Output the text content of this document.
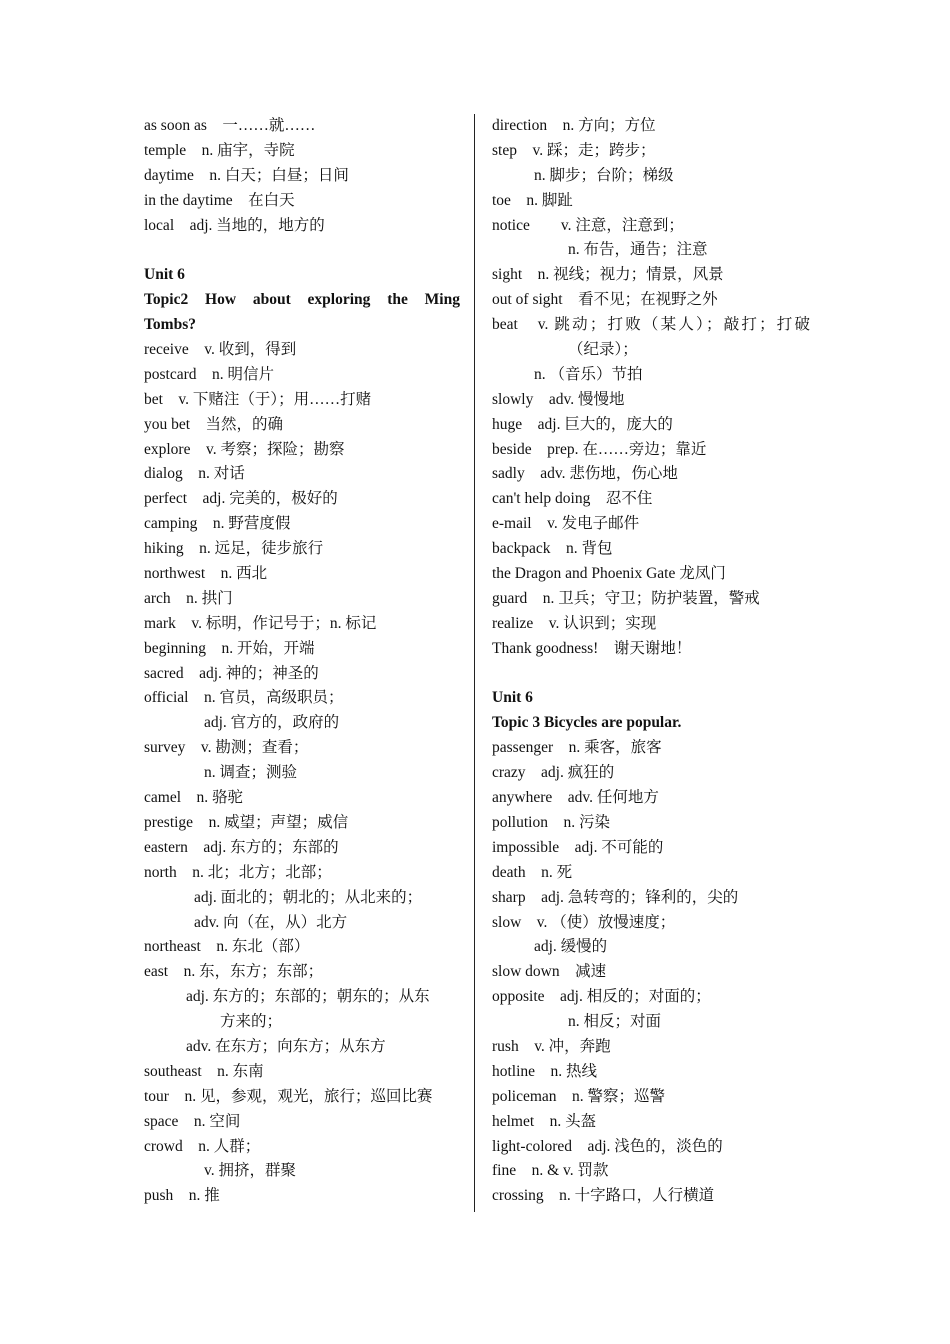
as soon as　一……就……
temple　n. 庙宇，寺院
daytime　n. 白天；白昼；日间
in the daytime　在白天
local　adj. 当地的，地方的
Unit 6
Topic2 How about exploring the Ming
Tombs?
receive　v. 收到，得到
postcard　n. 明信片
bet　v. 下赌注（于）；用……打赌
you bet　当然，的确
explore　v. 考察；探险；勘察
dialog　n. 对话
perfect　adj. 完美的，极好的
camping　n. 野营度假
hiking　n. 远足，徒步旅行
northwest　n. 西北
arch　n. 拱门
mark　v. 标明，作记号于；n. 标记
beginning　n. 开始，开端
sacred　adj. 神的；神圣的
official　n. 官员，高级职员；
adj. 官方的，政府的
survey　v. 勘测；查看；
n. 调查；测验
camel　n. 骆驼
prestige　n. 威望；声望；威信
eastern　adj. 东方的；东部的
north　n. 北；北方；北部；
adj. 面北的；朝北的；从北来的；
adv. 向（在，从）北方
northeast　n. 东北（部）
east　n. 东，东方；东部；
adj. 东方的；东部的；朝东的；从东
方来的；
adv. 在东方；向东方；从东方
southeast　n. 东南
tour　n. 见，参观，观光，旅行；巡回比赛
space　n. 空间
crowd　n. 人群；
v. 拥挤，群聚
push　n. 推
direction　n. 方向；方位
step　v. 踩；走；跨步；
n. 脚步；台阶；梯级
toe　n. 脚趾
notice　　v. 注意，注意到；
n. 布告，通告；注意
sight　n. 视线；视力；情景，风景
out of sight　看不见；在视野之外
beat　v. 跳动；打败（某人）；敲打；打破
（纪录）；
n. （音乐）节拍
slowly　adv. 慢慢地
huge　adj. 巨大的，庞大的
beside　prep. 在……旁边；靠近
sadly　adv. 悲伤地，伤心地
can't help doing　忍不住
e-mail　v. 发电子邮件
backpack　n. 背包
the Dragon and Phoenix Gate 龙凤门
guard　n. 卫兵；守卫；防护装置，警戒
realize　v. 认识到；实现
Thank goodness!　谢天谢地！
Unit 6
Topic 3 Bicycles are popular.
passenger　n. 乘客，旅客
crazy　adj. 疯狂的
anywhere　adv. 任何地方
pollution　n. 污染
impossible　adj. 不可能的
death　n. 死
sharp　adj. 急转弯的；锋利的，尖的
slow　v. （使）放慢速度；
adj. 缓慢的
slow down　减速
opposite　adj. 相反的；对面的；
n. 相反；对面
rush　v. 冲，奔跑
hotline　n. 热线
policeman　n. 警察；巡警
helmet　n. 头盔
light-colored　adj. 浅色的，淡色的
fine　n. & v. 罚款
crossing　n. 十字路口，人行横道
